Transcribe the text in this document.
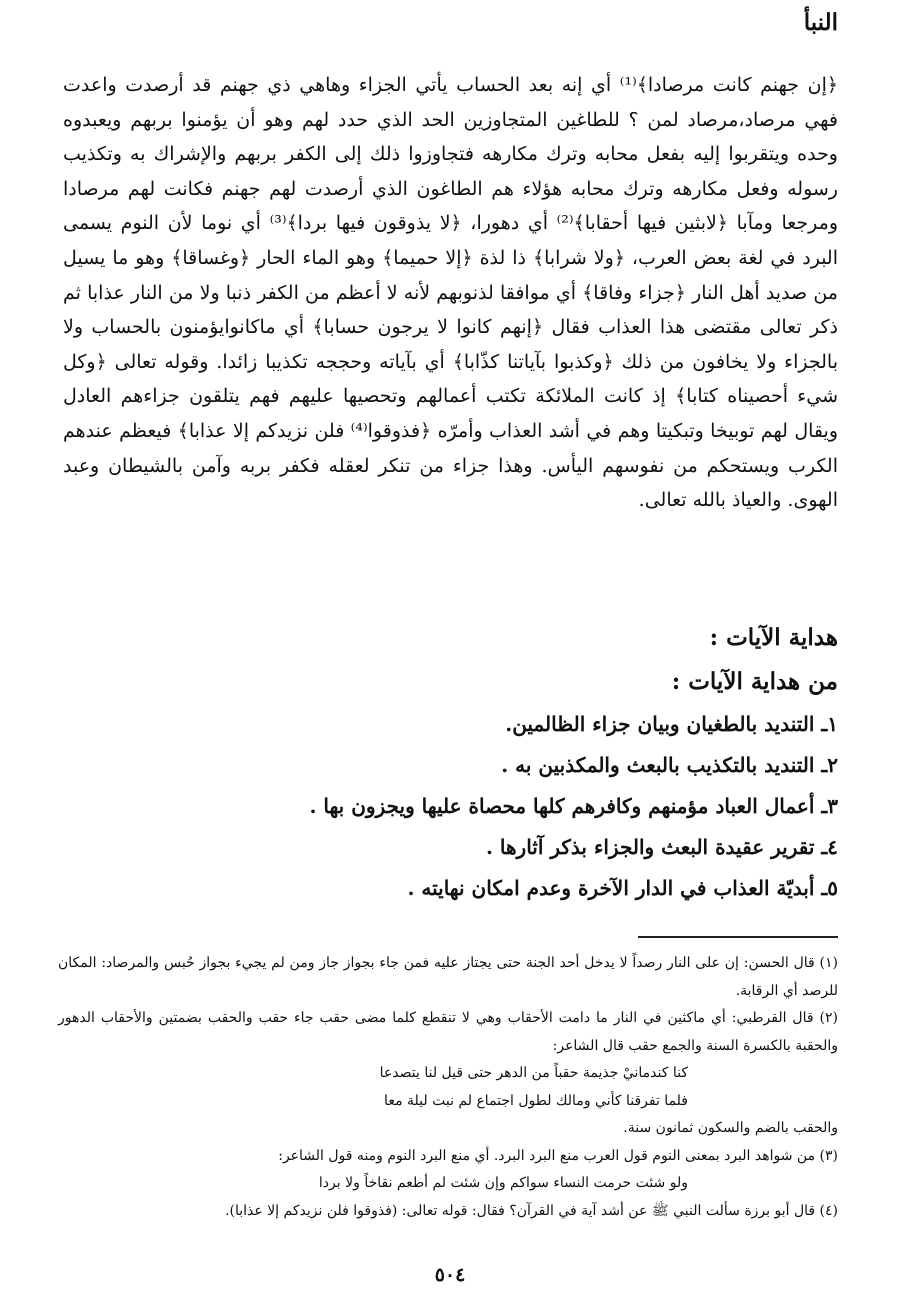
النبأ

﴿إن جهنم كانت مرصادا﴾⁽¹⁾ أي إنه بعد الحساب يأتي الجزاء وهاهي ذي جهنم قد أرصدت واعدت فهي مرصاد،مرصاد لمن ؟ للطاغين المتجاوزين الحد الذي حدد لهم وهو أن يؤمنوا بربهم ويعبدوه وحده ويتقربوا إليه بفعل محابه وترك مكارهه فتجاوزوا ذلك إلى الكفر بربهم والإشراك به وتكذيب رسوله وفعل مكارهه وترك محابه هؤلاء هم الطاغون الذي أرصدت لهم جهنم فكانت لهم مرصادا ومرجعا ومآبا ﴿لابثين فيها أحقابا﴾⁽²⁾ أي دهورا، ﴿لا يذوقون فيها بردا﴾⁽³⁾ أي نوما لأن النوم يسمى البرد في لغة بعض العرب، ﴿ولا شرابا﴾ ذا لذة ﴿إلا حميما﴾ وهو الماء الحار ﴿وغساقا﴾ وهو ما يسيل من صديد أهل النار ﴿جزاء وفاقا﴾ أي موافقا لذنوبهم لأنه لا أعظم من الكفر ذنبا ولا من النار عذابا ثم ذكر تعالى مقتضى هذا العذاب فقال ﴿إنهم كانوا لا يرجون حسابا﴾ أي ماكانوايؤمنون بالحساب ولا بالجزاء ولا يخافون من ذلك ﴿وكذبوا بآياتنا كذّابا﴾ أي بآياته وحججه تكذيبا زائدا. وقوله تعالى ﴿وكل شيء أحصيناه كتابا﴾ إذ كانت الملائكة تكتب أعمالهم وتحصيها عليهم فهم يتلقون جزاءهم العادل ويقال لهم توبيخا وتبكيتا وهم في أشد العذاب وأمرّه ﴿فذوقوا⁽⁴⁾ فلن نزيدكم إلا عذابا﴾ فيعظم عندهم الكرب ويستحكم من نفوسهم اليأس. وهذا جزاء من تنكر لعقله فكفر بربه وآمن بالشيطان وعبد الهوى. والعياذ بالله تعالى.

هداية الآيات :
من هداية الآيات :
١ـ التنديد بالطغيان وبيان جزاء الظالمين.
٢ـ التنديد بالتكذيب بالبعث والمكذبين به .
٣ـ أعمال العباد مؤمنهم وكافرهم كلها محصاة عليها ويجزون بها .
٤ـ تقرير عقيدة البعث والجزاء بذكر آثارها .
٥ـ أبديّة العذاب في الدار الآخرة وعدم امكان نهايته .

(١) قال الحسن: إن على النار رصداً لا يدخل أحد الجنة حتى يجتاز عليه فمن جاء بجواز جاز ومن لم يجيء بجواز حُبس والمرصاد: المكان للرصد أي الرقابة.

(٢) قال القرطبي: أي ماكثين في النار ما دامت الأحقاب وهي لا تنقطع كلما مضى حقب جاء حقب والحقب بضمتين والأحقاب الدهور والحقبة بالكسرة السنة والجمع حقب قال الشاعر:

كنا كندمانيْ جذيمة حقباً من الدهر حتى قيل لنا يتصدعا

فلما تفرقنا كأني ومالك لطول اجتماع لم نبت ليلة معا

والحقب بالضم والسكون ثمانون سنة.

(٣) من شواهد البرد بمعنى النوم قول العرب منع البرد البرد. أي منع البرد النوم ومنه قول الشاعر:

ولو شئت حرمت النساء سواكم وإن شئت لم أطعم نقاخاً ولا بردا

(٤) قال أبو برزة سألت النبي ﷺ عن أشد آية في القرآن؟ فقال: قوله تعالى: (فذوقوا فلن نزيدكم إلا عذابا).

٥٠٤
